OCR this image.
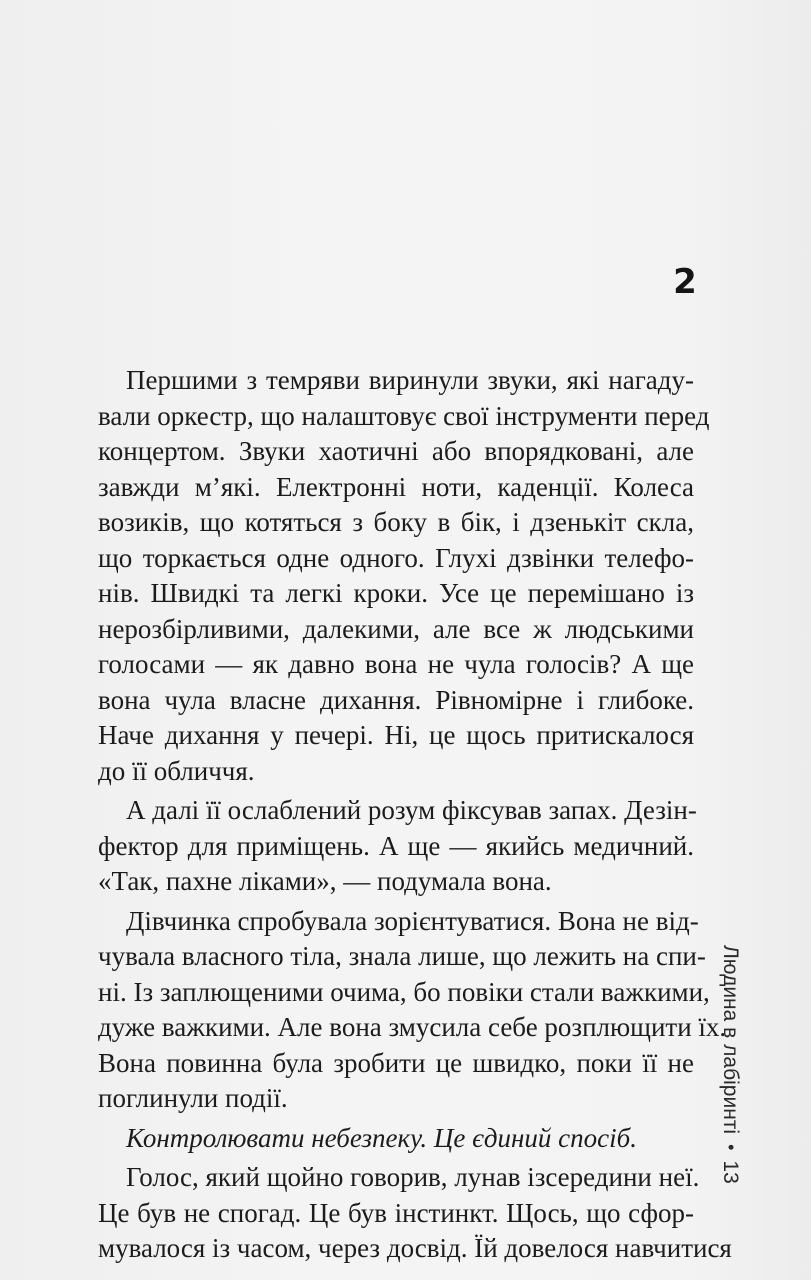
2
Першими з темряви виринули звуки, які нагаду-
вали оркестр, що налаштовує свої інструменти перед
концертом. Звуки хаотичні або впорядковані, але
завжди м’які. Електронні ноти, каденції. Колеса
возиків, що котяться з боку в бік, і дзенькіт скла,
що торкається одне одного. Глухі дзвінки телефо-
нів. Швидкі та легкі кроки. Усе це перемішано із
нерозбірливими, далекими, але все ж людськими
голосами — як давно вона не чула голосів? А ще
вона чула власне дихання. Рівномірне і глибоке.
Наче дихання у печері. Ні, це щось притискалося
до її обличчя.
А далі її ослаблений розум фіксував запах. Дезін-
фектор для приміщень. А ще — якийсь медичний.
«Так, пахне ліками», — подумала вона.
Дівчинка спробувала зорієнтуватися. Вона не від-
чувала власного тіла, знала лише, що лежить на спи-
ні. Із заплющеними очима, бо повіки стали важкими,
дуже важкими. Але вона змусила себе розплющити їх.
Вона повинна була зробити це швидко, поки її не
поглинули події.
Контролювати небезпеку. Це єдиний спосіб.
Голос, який щойно говорив, лунав ізсередини неї.
Це був не спогад. Це був інстинкт. Щось, що сфор-
мувалося із часом, через досвід. Їй довелося навчитися
Людина в лабіринті•13
